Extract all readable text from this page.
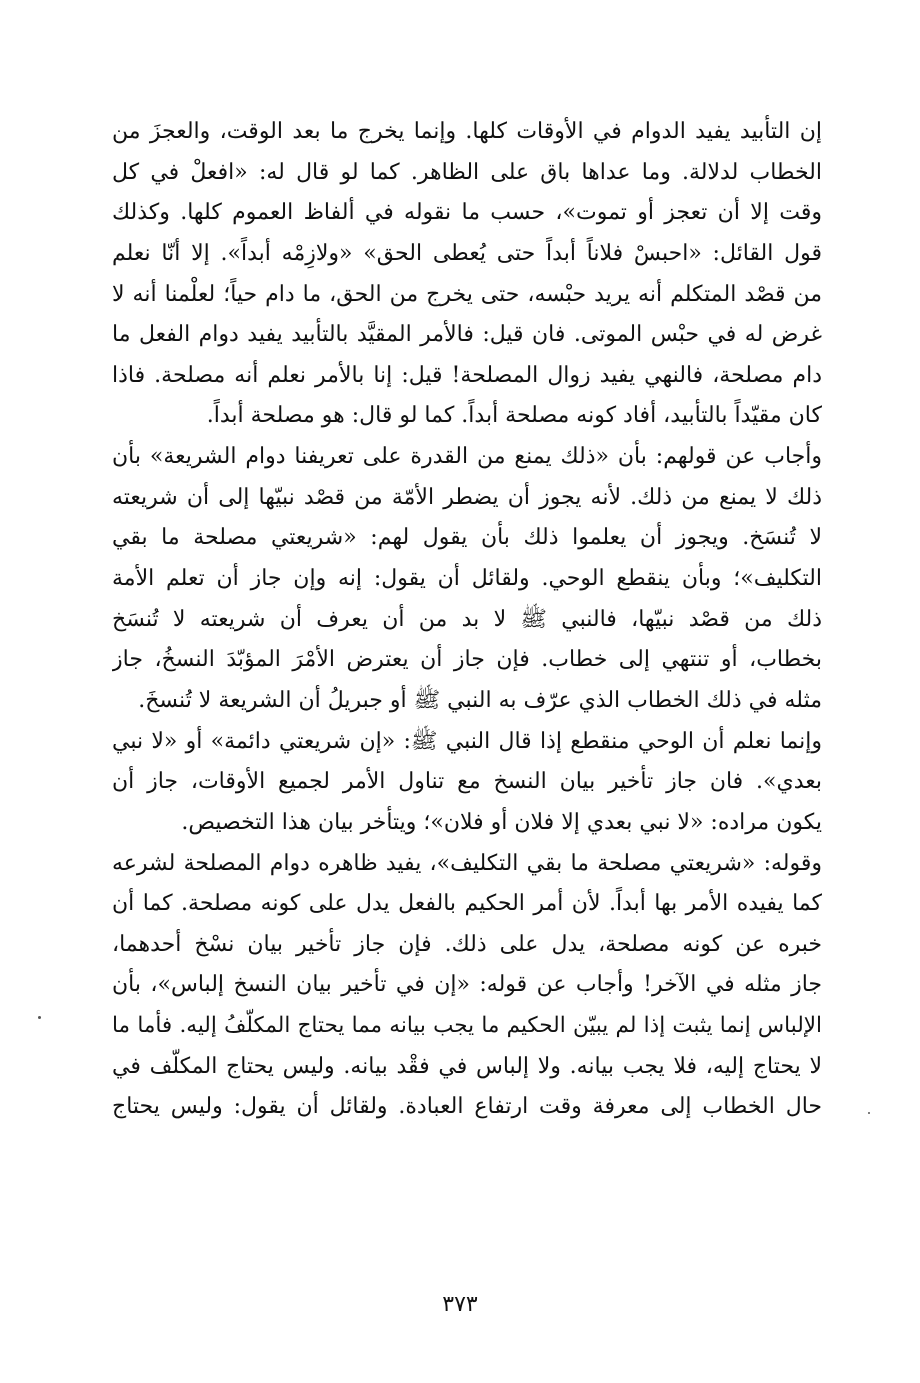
إن التأبيد يفيد الدوام في الأوقات كلها. وإنما يخرج ما بعد الوقت، والعجزَ من
الخطاب لدلالة. وما عداها باق على الظاهر. كما لو قال له: «افعلْ في كل
وقت إلا أن تعجز أو تموت»، حسب ما نقوله في ألفاظ العموم كلها. وكذلك
قول القائل: «احبسْ فلاناً أبداً حتى يُعطى الحق» «ولازِمْه أبداً». إلا أنّا نعلم
من قصْد المتكلم أنه يريد حبْسه، حتى يخرج من الحق، ما دام حياً؛ لعلْمنا أنه لا
غرض له في حبْس الموتى. فان قيل: فالأمر المقيَّد بالتأبيد يفيد دوام الفعل ما
دام مصلحة، فالنهي يفيد زوال المصلحة! قيل: إنا بالأمر نعلم أنه مصلحة. فاذا
كان مقيّداً بالتأبيد، أفاد كونه مصلحة أبداً. كما لو قال: هو مصلحة أبداً.
وأجاب عن قولهم: بأن «ذلك يمنع من القدرة على تعريفنا دوام الشريعة» بأن
ذلك لا يمنع من ذلك. لأنه يجوز أن يضطر الأمّة من قصْد نبيّها إلى أن شريعته
لا تُنسَخ. ويجوز أن يعلموا ذلك بأن يقول لهم: «شريعتي مصلحة ما بقي
التكليف»؛ وبأن ينقطع الوحي. ولقائل أن يقول: إنه وإن جاز أن تعلم الأمة
ذلك من قصْد نبيّها، فالنبي ﷺ لا بد من أن يعرف أن شريعته لا تُنسَخ
بخطاب، أو تنتهي إلى خطاب. فإن جاز أن يعترض الأمْرَ المؤبّدَ النسخُ، جاز
مثله في ذلك الخطاب الذي عرّف به النبي ﷺ أو جبريلُ أن الشريعة لا تُنسخَ.
وإنما نعلم أن الوحي منقطع إذا قال النبي ﷺ: «إن شريعتي دائمة» أو «لا نبي
بعدي». فان جاز تأخير بيان النسخ مع تناول الأمر لجميع الأوقات، جاز أن
يكون مراده: «لا نبي بعدي إلا فلان أو فلان»؛ ويتأخر بيان هذا التخصيص.
وقوله: «شريعتي مصلحة ما بقي التكليف»، يفيد ظاهره دوام المصلحة لشرعه
كما يفيده الأمر بها أبداً. لأن أمر الحكيم بالفعل يدل على كونه مصلحة. كما أن
خبره عن كونه مصلحة، يدل على ذلك. فإن جاز تأخير بيان نسْخ أحدهما،
جاز مثله في الآخر! وأجاب عن قوله: «إن في تأخير بيان النسخ إلباس»، بأن
الإلباس إنما يثبت إذا لم يبيّن الحكيم ما يجب بيانه مما يحتاج المكلّفُ إليه. فأما ما
لا يحتاج إليه، فلا يجب بيانه. ولا إلباس في فقْد بيانه. وليس يحتاج المكلّف في
حال الخطاب إلى معرفة وقت ارتفاع العبادة. ولقائل أن يقول: وليس يحتاج
٣٧٣
